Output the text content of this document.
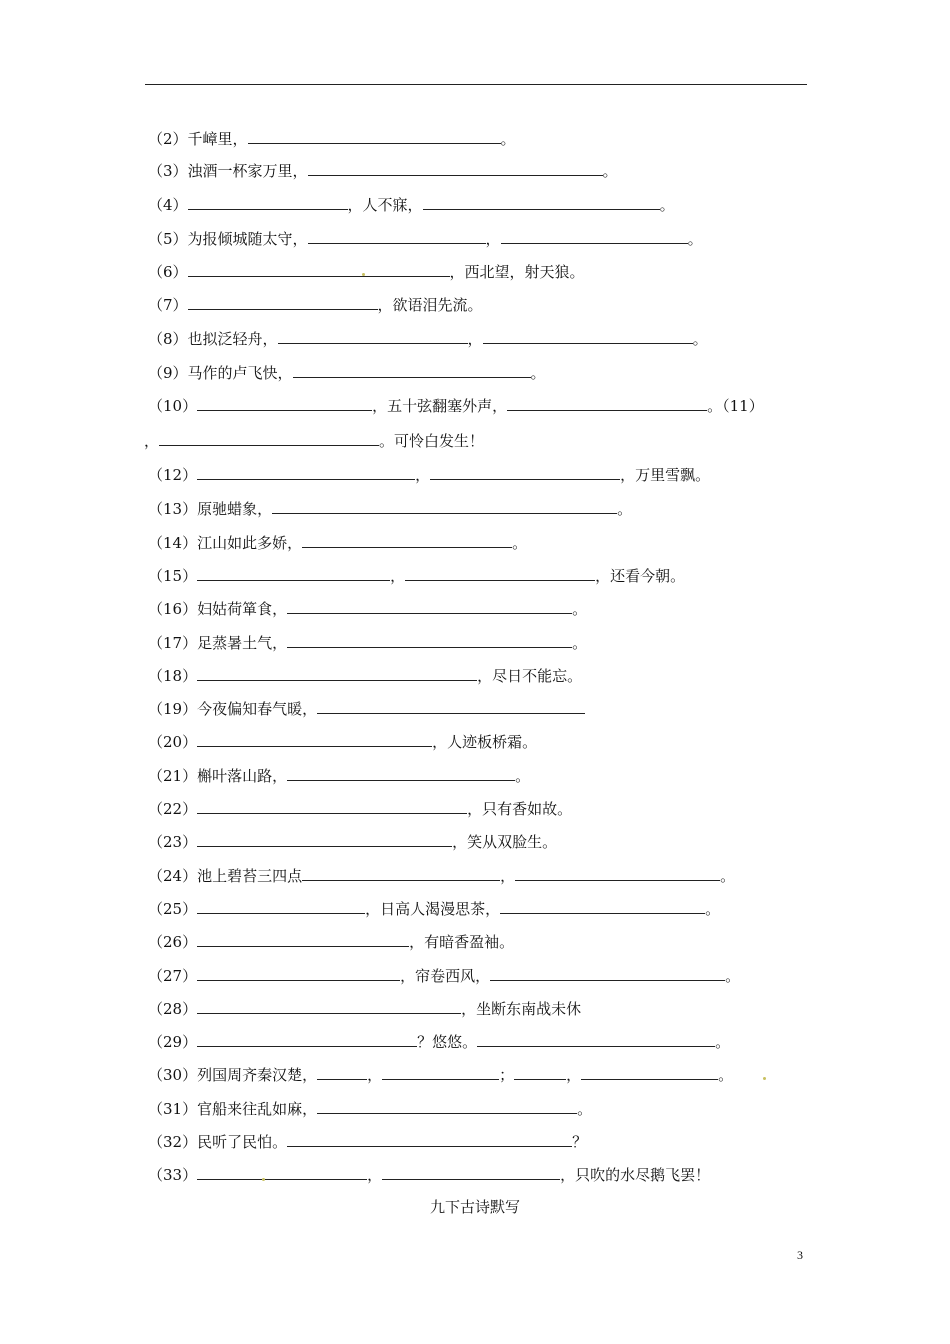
（2）千嶂里，	。
（3）浊酒一杯家万里，	。
（4）	，人不寐，	。
（5）为报倾城随太守，	，	。
（6）	，西北望，射天狼。
（7）	，欲语泪先流。
（8）也拟泛轻舟，	，	。
（9）马作的卢飞快，	。
（10）	，五十弦翻塞外声，	。（11）
，	。可怜白发生！
（12）	，	，万里雪飘。
（13）原驰蜡象，	。
（14）江山如此多娇，	。
（15）	，	，还看今朝。
（16）妇姑荷箪食，	。
（17）足蒸暑土气，	。
（18）	，尽日不能忘。
（19）今夜偏知春气暖，
（20）	，人迹板桥霜。
（21）槲叶落山路，	。
（22）	，只有香如故。
（23）	，笑从双脸生。
（24）池上碧苔三四点	，	。
（25）	，日高人渴漫思茶，	。
（26）	，有暗香盈袖。
（27）	，帘卷西风，	。
（28）	，坐断东南战未休
（29）	？悠悠。	。
（30）列国周齐秦汉楚，	，	；	，	。
（31）官船来往乱如麻，	。
（32）民听了民怕。	？
（33）	，	，只吹的水尽鹅飞罢！
九下古诗默写
3
